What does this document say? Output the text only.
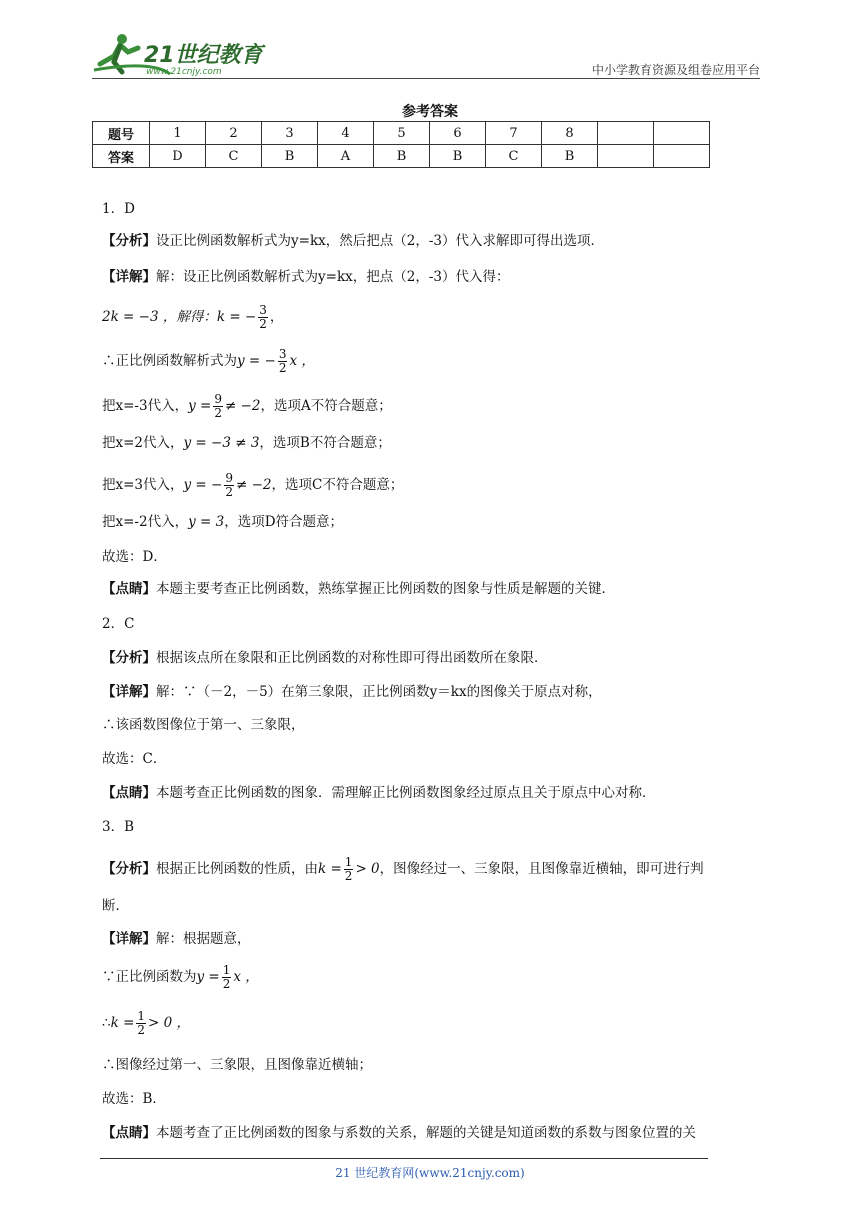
21世纪教育
www.21cnjy.com	中小学教育资源及组卷应用平台
参考答案
题号	1	2	3	4	5	6	7	8		
答案	D	C	B	A	B	B	C	B		
1．D
【分析】设正比例函数解析式为y=kx，然后把点（2，-3）代入求解即可得出选项．
【详解】解：设正比例函数解析式为y=kx，把点（2，-3）代入得：
2k = −3 ，解得：k = − $\frac{3}{2}$ ，
∴正比例函数解析式为y = − $\frac{3}{2}$ x ，
把x=-3代入，$y = \frac{9}{2} \ne -2$，选项A不符合题意；
把x=2代入，y = −3 ≠ 3，选项B不符合题意；
把x=3代入，y = − $\frac{9}{2} \ne -2$，选项C不符合题意；
把x=-2代入，y = 3，选项D符合题意；
故选：D．
【点睛】本题主要考查正比例函数，熟练掌握正比例函数的图象与性质是解题的关键．
2．C
【分析】根据该点所在象限和正比例函数的对称性即可得出函数所在象限．
【详解】解：∵（－2，－5）在第三象限，正比例函数y＝kx的图像关于原点对称，
∴该函数图像位于第一、三象限，
故选：C．
【点睛】本题考查正比例函数的图象．需理解正比例函数图象经过原点且关于原点中心对称．
3．B
【分析】根据正比例函数的性质，由$k = \frac{1}{2} > 0$，图像经过一、三象限，且图像靠近横轴，即可进行判
断．
【详解】解：根据题意，
∵正比例函数为$y = \frac{1}{2}$ x ，
∴k = $\frac{1}{2} > 0$ ，
∴图像经过第一、三象限，且图像靠近横轴；
故选：B．
【点睛】本题考查了正比例函数的图象与系数的关系，解题的关键是知道函数的系数与图象位置的关
21 世纪教育网(www.21cnjy.com)
